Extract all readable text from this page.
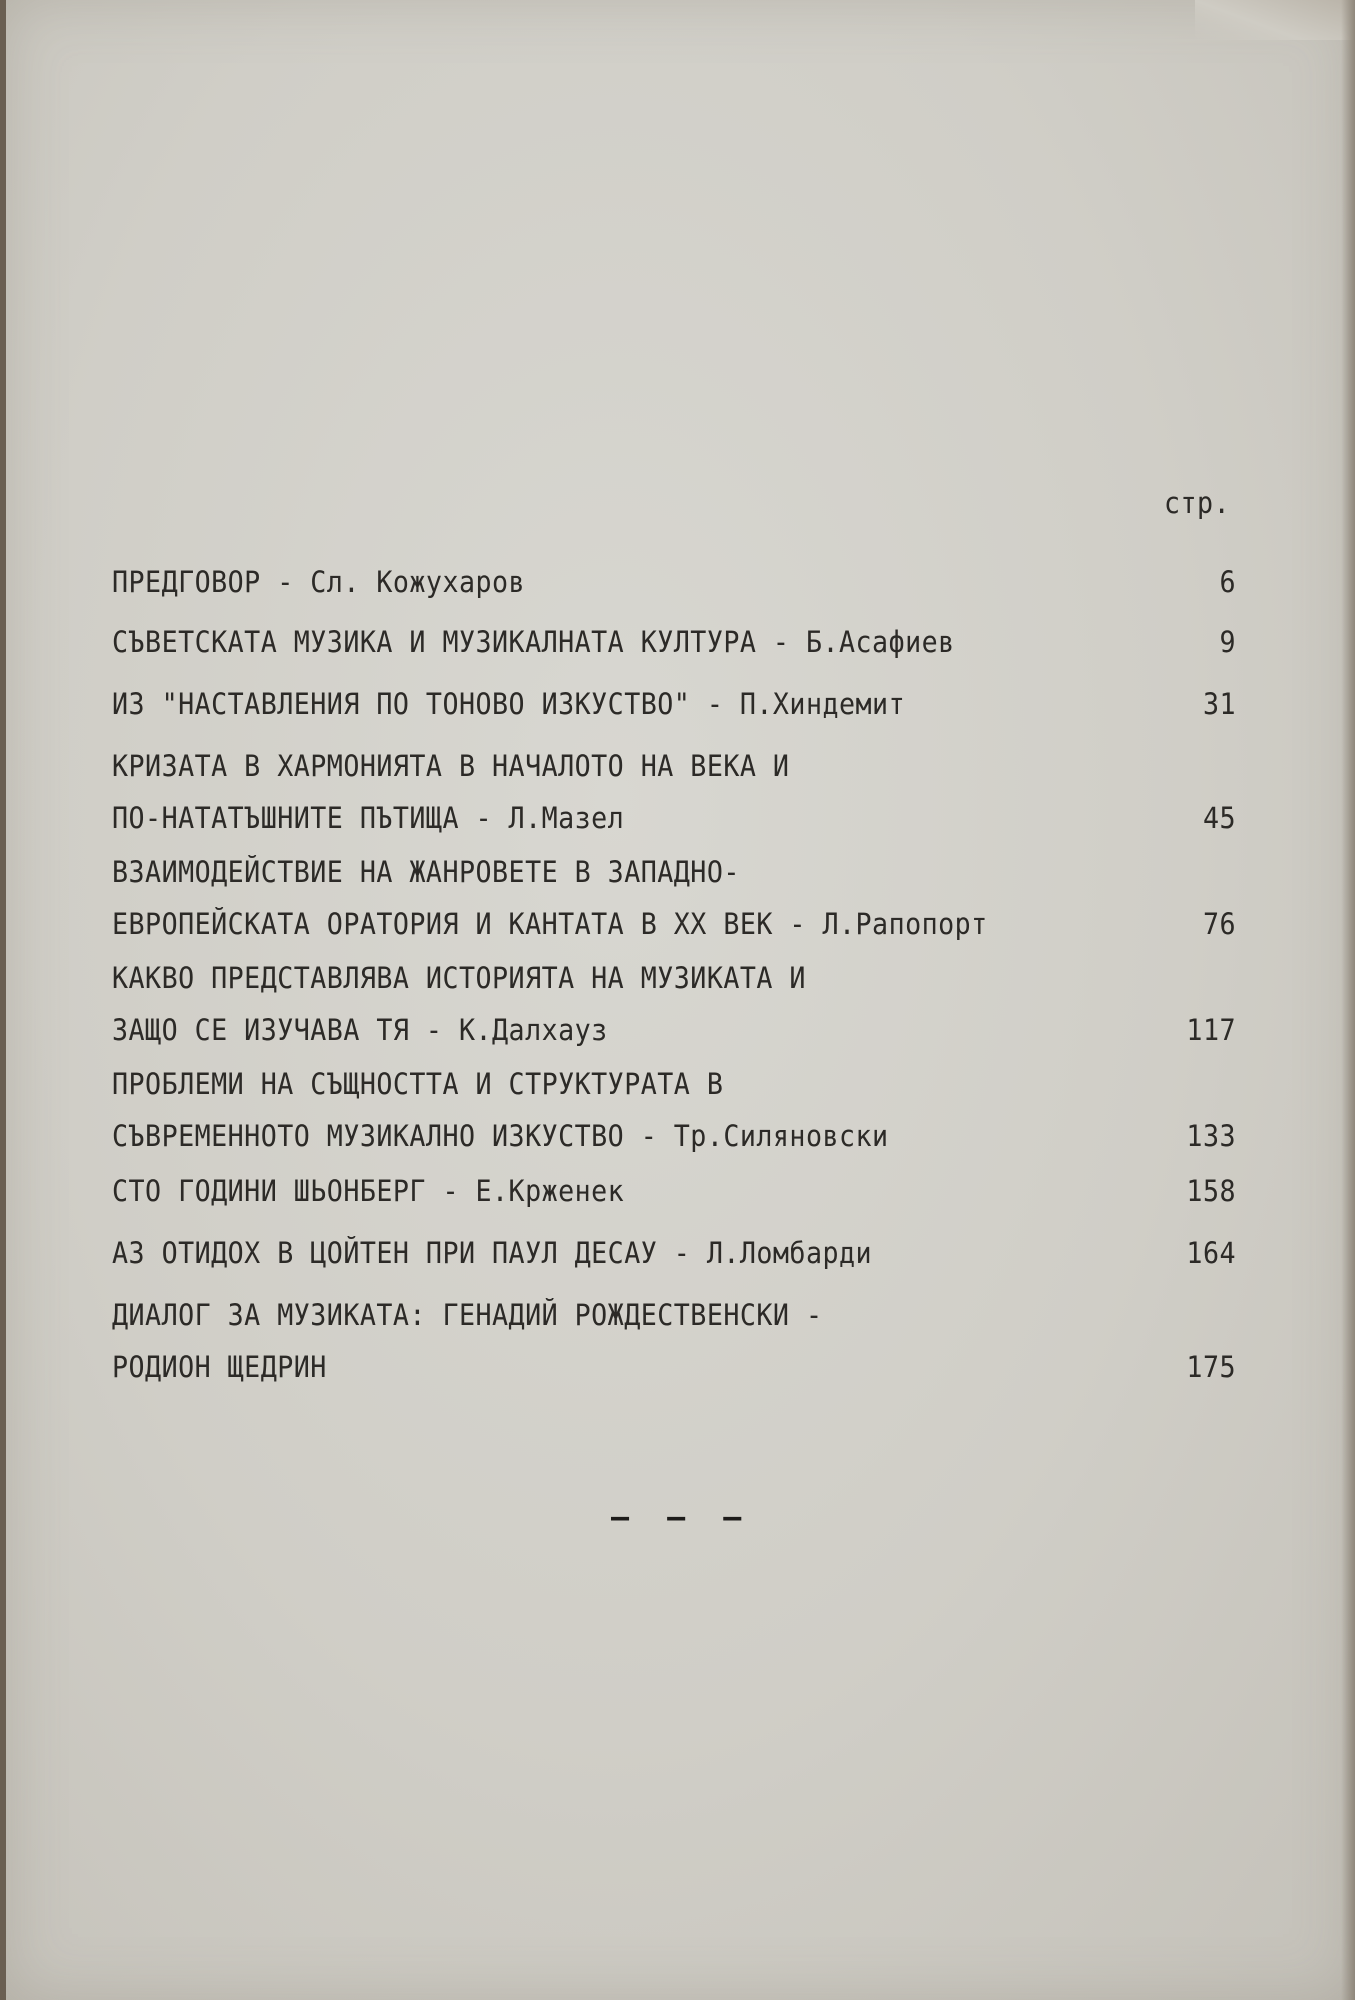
стр.
ПРЕДГОВОР - Сл. Кожухаров	6
СЪВЕТСКАТА МУЗИКА И МУЗИКАЛНАТА КУЛТУРА - Б.Асафиев	9
ИЗ "НАСТАВЛЕНИЯ ПО ТОНОВО ИЗКУСТВО" - П.Хиндемит	31
КРИЗАТА В ХАРМОНИЯТА В НАЧАЛОТО НА ВЕКА И
ПО-НАТАТЪШНИТЕ ПЪТИЩА - Л.Мазел	45
ВЗАИМОДЕЙСТВИЕ НА ЖАНРОВЕТЕ В ЗАПАДНО-
ЕВРОПЕЙСКАТА ОРАТОРИЯ И КАНТАТА В XX ВЕК - Л.Рапопорт	76
КАКВО ПРЕДСТАВЛЯВА ИСТОРИЯТА НА МУЗИКАТА И
ЗАЩО СЕ ИЗУЧАВА ТЯ - К.Далхауз	117
ПРОБЛЕМИ НА СЪЩНОСТТА И СТРУКТУРАТА В
СЪВРЕМЕННОТО МУЗИКАЛНО ИЗКУСТВО - Тр.Силяновски	133
СТО ГОДИНИ ШЬОНБЕРГ - Е.Крженек	158
АЗ ОТИДОХ В ЦОЙТЕН ПРИ ПАУЛ ДЕСАУ - Л.Ломбарди	164
ДИАЛОГ ЗА МУЗИКАТА: ГЕНАДИЙ РОЖДЕСТВЕНСКИ -
РОДИОН ЩЕДРИН	175
— — —
